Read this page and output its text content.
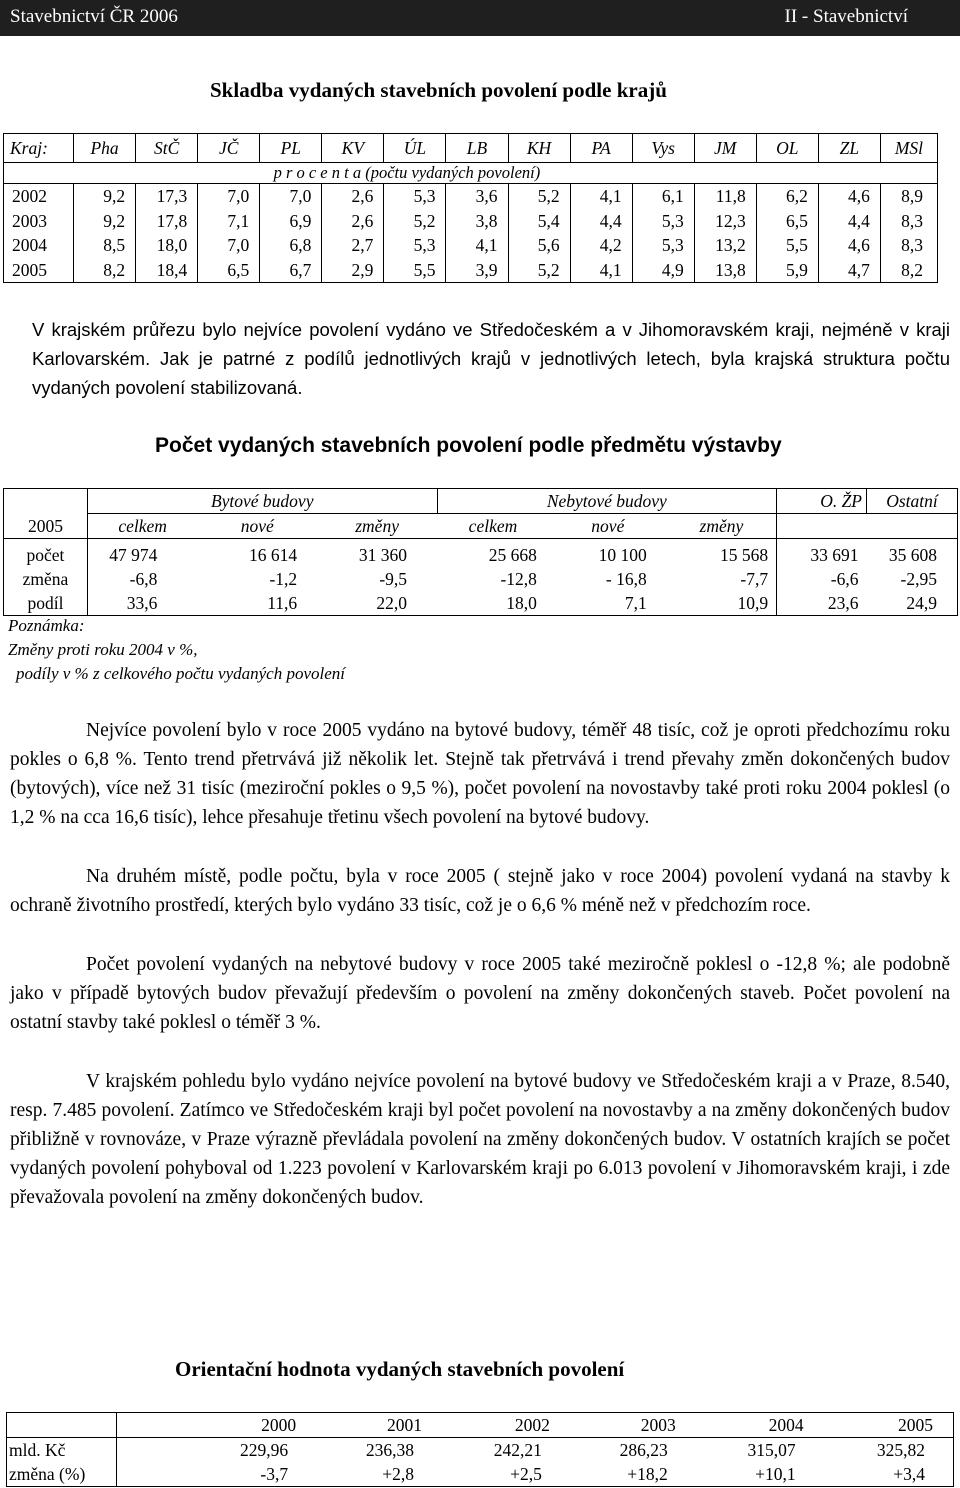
Stavebnictví ČR 2006	II - Stavebnictví
Skladba vydaných stavebních povolení podle krajů
Kraj:	Pha	StČ	JČ	PL	KV	ÚL	LB	KH	PA	Vys	JM	OL	ZL	MSl
	p r o c e n t a (počtu vydaných povolení)													
2002	9,2	17,3	7,0	7,0	2,6	5,3	3,6	5,2	4,1	6,1	11,8	6,2	4,6	8,9
2003	9,2	17,8	7,1	6,9	2,6	5,2	3,8	5,4	4,4	5,3	12,3	6,5	4,4	8,3
2004	8,5	18,0	7,0	6,8	2,7	5,3	4,1	5,6	4,2	5,3	13,2	5,5	4,6	8,3
2005	8,2	18,4	6,5	6,7	2,9	5,5	3,9	5,2	4,1	4,9	13,8	5,9	4,7	8,2

V krajském průřezu bylo nejvíce povolení vydáno ve Středočeském a v Jihomoravském kraji, nejméně v kraji Karlovarském. Jak je patrné z podílů jednotlivých krajů v jednotlivých letech, byla krajská struktura počtu vydaných povolení stabilizovaná.

Počet vydaných stavebních povolení podle předmětu výstavby
	Bytové budovy			Nebytové budovy			O. ŽP	Ostatní
2005	celkem	nové	změny	celkem	nové	změny		
počet	47 974	16 614	31 360	25 668	10 100	15 568	33 691	35 608
změna	-6,8	-1,2	-9,5	-12,8	- 16,8	-7,7	-6,6	-2,95
podíl	33,6	11,6	22,0	18,0	7,1	10,9	23,6	24,9
Poznámka:
Změny proti roku 2004 v %,
podíly v % z celkového počtu vydaných povolení

Nejvíce povolení bylo v roce 2005 vydáno na bytové budovy, téměř 48 tisíc, což je oproti předchozímu roku pokles o 6,8 %. Tento trend přetrvává již několik let. Stejně tak přetrvává i trend převahy změn dokončených budov (bytových), více než 31 tisíc (meziroční pokles o 9,5 %), počet povolení na novostavby také proti roku 2004 poklesl (o 1,2 % na cca 16,6 tisíc), lehce přesahuje třetinu všech povolení na bytové budovy.

Na druhém místě, podle počtu, byla v roce 2005 ( stejně jako v roce 2004) povolení vydaná na stavby k ochraně životního prostředí, kterých bylo vydáno 33 tisíc, což je o 6,6 % méně než v předchozím roce.

Počet povolení vydaných na nebytové budovy v roce 2005 také meziročně poklesl o -12,8 %; ale podobně jako v případě bytových budov převažují především o povolení na změny dokončených staveb. Počet povolení na ostatní stavby také poklesl o téměř 3 %.

V krajském pohledu bylo vydáno nejvíce povolení na bytové budovy ve Středočeském kraji a v Praze, 8.540, resp. 7.485 povolení. Zatímco ve Středočeském kraji byl počet povolení na novostavby a na změny dokončených budov přibližně v rovnováze, v Praze výrazně převládala povolení na změny dokončených budov. V ostatních krajích se počet vydaných povolení pohyboval od 1.223 povolení v Karlovarském kraji po 6.013 povolení v Jihomoravském kraji, i zde převažovala povolení na změny dokončených budov.

Orientační hodnota vydaných stavebních povolení
	2000	2001	2002	2003	2004	2005
mld. Kč	229,96	236,38	242,21	286,23	315,07	325,82
změna (%)	-3,7	+2,8	+2,5	+18,2	+10,1	+3,4
